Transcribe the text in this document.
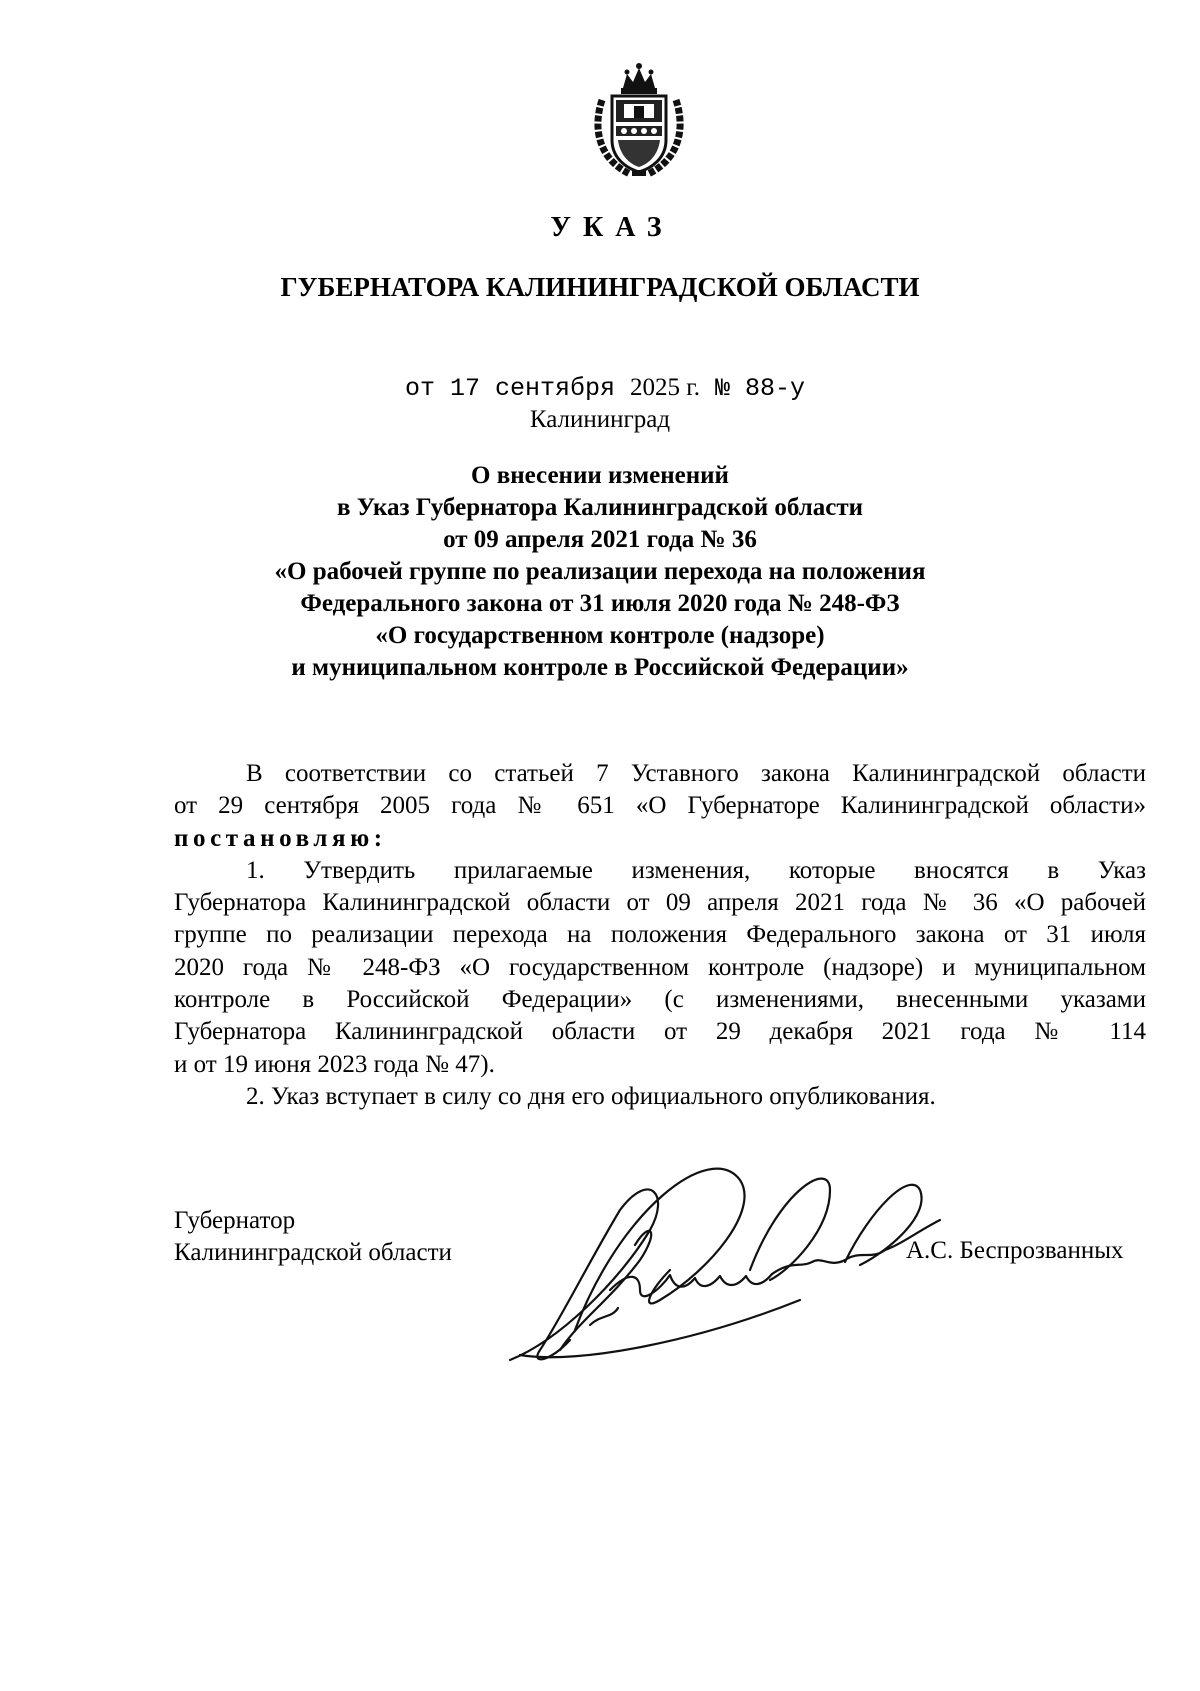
УКАЗ
ГУБЕРНАТОРА КАЛИНИНГРАДСКОЙ ОБЛАСТИ
от 17 сентября 2025 г. № 88-у
Калининград
О внесении изменений
в Указ Губернатора Калининградской области
от 09 апреля 2021 года № 36
«О рабочей группе по реализации перехода на положения
Федерального закона от 31 июля 2020 года № 248-ФЗ
«О государственном контроле (надзоре)
и муниципальном контроле в Российской Федерации»
В соответствии со статьей 7 Уставного закона Калининградской области
от 29 сентября 2005 года № 651 «О Губернаторе Калининградской области»
постановляю:
1. Утвердить прилагаемые изменения, которые вносятся в Указ
Губернатора Калининградской области от 09 апреля 2021 года № 36 «О рабочей
группе по реализации перехода на положения Федерального закона от 31 июля
2020 года № 248-ФЗ «О государственном контроле (надзоре) и муниципальном
контроле в Российской Федерации» (с изменениями, внесенными указами
Губернатора Калининградской области от 29 декабря 2021 года № 114
и от 19 июня 2023 года № 47).
2. Указ вступает в силу со дня его официального опубликования.
Губернатор
Калининградской области	А.С. Беспрозванных
